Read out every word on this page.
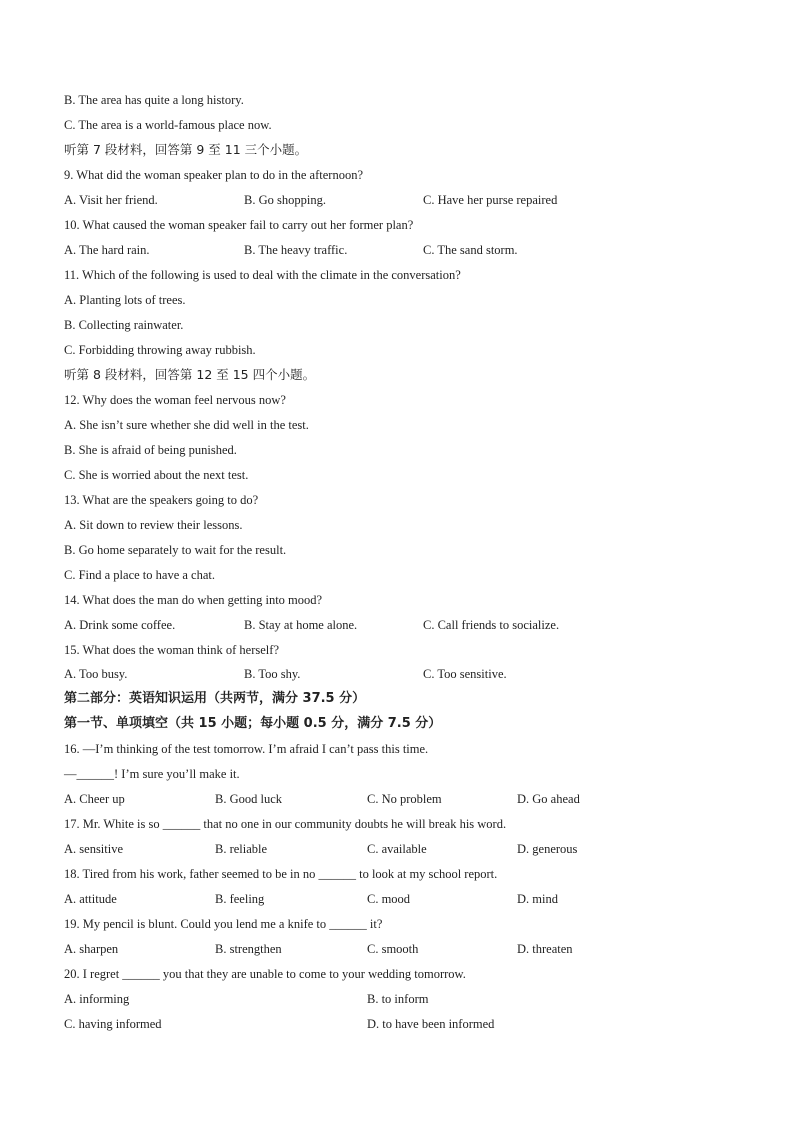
B. The area has quite a long history.
C. The area is a world-famous place now.
听第 7 段材料，回答第 9 至 11 三个小题。
9. What did the woman speaker plan to do in the afternoon?
A. Visit her friend.	B. Go shopping.	C. Have her purse repaired
10. What caused the woman speaker fail to carry out her former plan?
A. The hard rain.	B. The heavy traffic.	C. The sand storm.
11. Which of the following is used to deal with the climate in the conversation?
A. Planting lots of trees.
B. Collecting rainwater.
C. Forbidding throwing away rubbish.
听第 8 段材料，回答第 12 至 15 四个小题。
12. Why does the woman feel nervous now?
A. She isn’t sure whether she did well in the test.
B. She is afraid of being punished.
C. She is worried about the next test.
13. What are the speakers going to do?
A. Sit down to review their lessons.
B. Go home separately to wait for the result.
C. Find a place to have a chat.
14. What does the man do when getting into mood?
A. Drink some coffee.	B. Stay at home alone.	C. Call friends to socialize.
15. What does the woman think of herself?
A. Too busy.	B. Too shy.	C. Too sensitive.
第二部分：英语知识运用（共两节，满分 37.5 分）
第一节、单项填空（共 15 小题；每小题 0.5 分，满分 7.5 分）
16. —I’m thinking of the test tomorrow. I’m afraid I can’t pass this time.
—______! I’m sure you’ll make it.
A. Cheer up	B. Good luck	C. No problem	D. Go ahead
17. Mr. White is so ______ that no one in our community doubts he will break his word.
A. sensitive	B. reliable	C. available	D. generous
18. Tired from his work, father seemed to be in no ______ to look at my school report.
A. attitude	B. feeling	C. mood	D. mind
19. My pencil is blunt. Could you lend me a knife to ______ it?
A. sharpen	B. strengthen	C. smooth	D. threaten
20. I regret ______ you that they are unable to come to your wedding tomorrow.
A. informing	B. to inform
C. having informed	D. to have been informed
